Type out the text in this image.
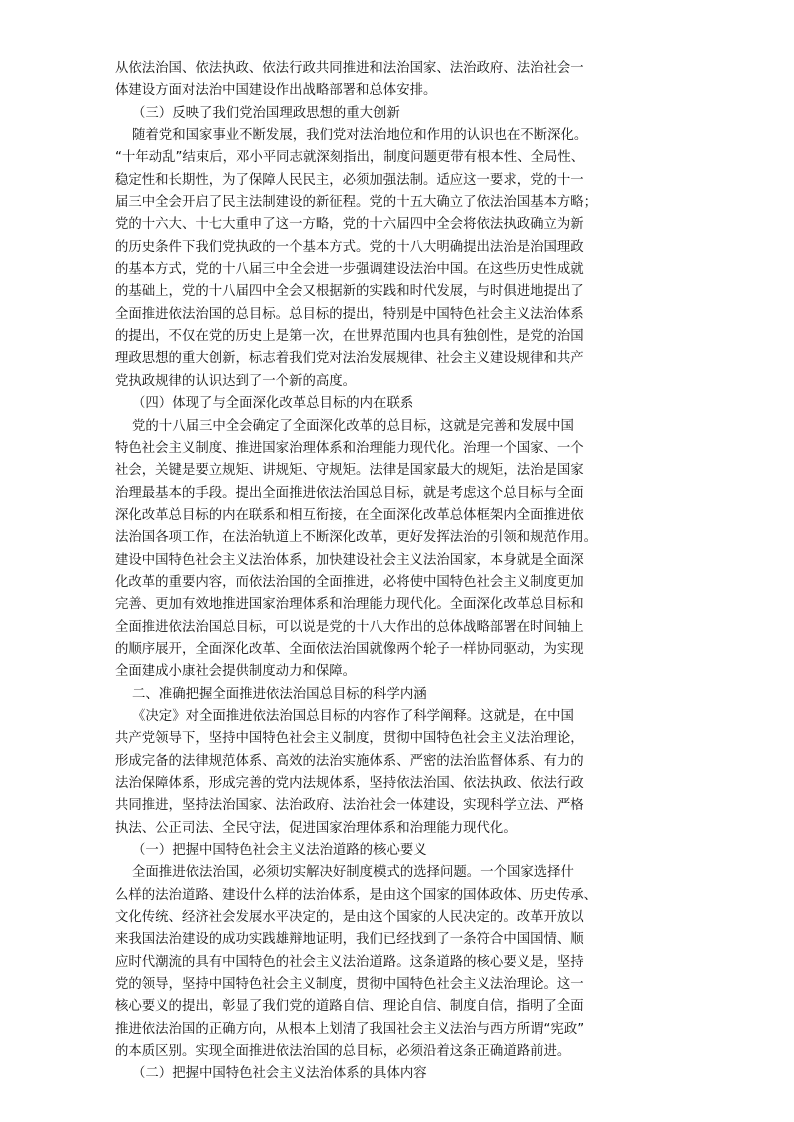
从依法治国、依法执政、依法行政共同推进和法治国家、法治政府、法治社会一
体建设方面对法治中国建设作出战略部署和总体安排。
（三）反映了我们党治国理政思想的重大创新
随着党和国家事业不断发展，我们党对法治地位和作用的认识也在不断深化。
“十年动乱”结束后，邓小平同志就深刻指出，制度问题更带有根本性、全局性、
稳定性和长期性，为了保障人民民主，必须加强法制。适应这一要求，党的十一
届三中全会开启了民主法制建设的新征程。党的十五大确立了依法治国基本方略；
党的十六大、十七大重申了这一方略，党的十六届四中全会将依法执政确立为新
的历史条件下我们党执政的一个基本方式。党的十八大明确提出法治是治国理政
的基本方式，党的十八届三中全会进一步强调建设法治中国。在这些历史性成就
的基础上，党的十八届四中全会又根据新的实践和时代发展，与时俱进地提出了
全面推进依法治国的总目标。总目标的提出，特别是中国特色社会主义法治体系
的提出，不仅在党的历史上是第一次，在世界范围内也具有独创性，是党的治国
理政思想的重大创新，标志着我们党对法治发展规律、社会主义建设规律和共产
党执政规律的认识达到了一个新的高度。
（四）体现了与全面深化改革总目标的内在联系
党的十八届三中全会确定了全面深化改革的总目标，这就是完善和发展中国
特色社会主义制度、推进国家治理体系和治理能力现代化。治理一个国家、一个
社会，关键是要立规矩、讲规矩、守规矩。法律是国家最大的规矩，法治是国家
治理最基本的手段。提出全面推进依法治国总目标，就是考虑这个总目标与全面
深化改革总目标的内在联系和相互衔接，在全面深化改革总体框架内全面推进依
法治国各项工作，在法治轨道上不断深化改革，更好发挥法治的引领和规范作用。
建设中国特色社会主义法治体系，加快建设社会主义法治国家，本身就是全面深
化改革的重要内容，而依法治国的全面推进，必将使中国特色社会主义制度更加
完善、更加有效地推进国家治理体系和治理能力现代化。全面深化改革总目标和
全面推进依法治国总目标，可以说是党的十八大作出的总体战略部署在时间轴上
的顺序展开，全面深化改革、全面依法治国就像两个轮子一样协同驱动，为实现
全面建成小康社会提供制度动力和保障。
二、准确把握全面推进依法治国总目标的科学内涵
《决定》对全面推进依法治国总目标的内容作了科学阐释。这就是，在中国
共产党领导下，坚持中国特色社会主义制度，贯彻中国特色社会主义法治理论，
形成完备的法律规范体系、高效的法治实施体系、严密的法治监督体系、有力的
法治保障体系，形成完善的党内法规体系，坚持依法治国、依法执政、依法行政
共同推进，坚持法治国家、法治政府、法治社会一体建设，实现科学立法、严格
执法、公正司法、全民守法，促进国家治理体系和治理能力现代化。
（一）把握中国特色社会主义法治道路的核心要义
全面推进依法治国，必须切实解决好制度模式的选择问题。一个国家选择什
么样的法治道路、建设什么样的法治体系，是由这个国家的国体政体、历史传承、
文化传统、经济社会发展水平决定的，是由这个国家的人民决定的。改革开放以
来我国法治建设的成功实践雄辩地证明，我们已经找到了一条符合中国国情、顺
应时代潮流的具有中国特色的社会主义法治道路。这条道路的核心要义是，坚持
党的领导，坚持中国特色社会主义制度，贯彻中国特色社会主义法治理论。这一
核心要义的提出，彰显了我们党的道路自信、理论自信、制度自信，指明了全面
推进依法治国的正确方向，从根本上划清了我国社会主义法治与西方所谓“宪政”
的本质区别。实现全面推进依法治国的总目标，必须沿着这条正确道路前进。
（二）把握中国特色社会主义法治体系的具体内容
